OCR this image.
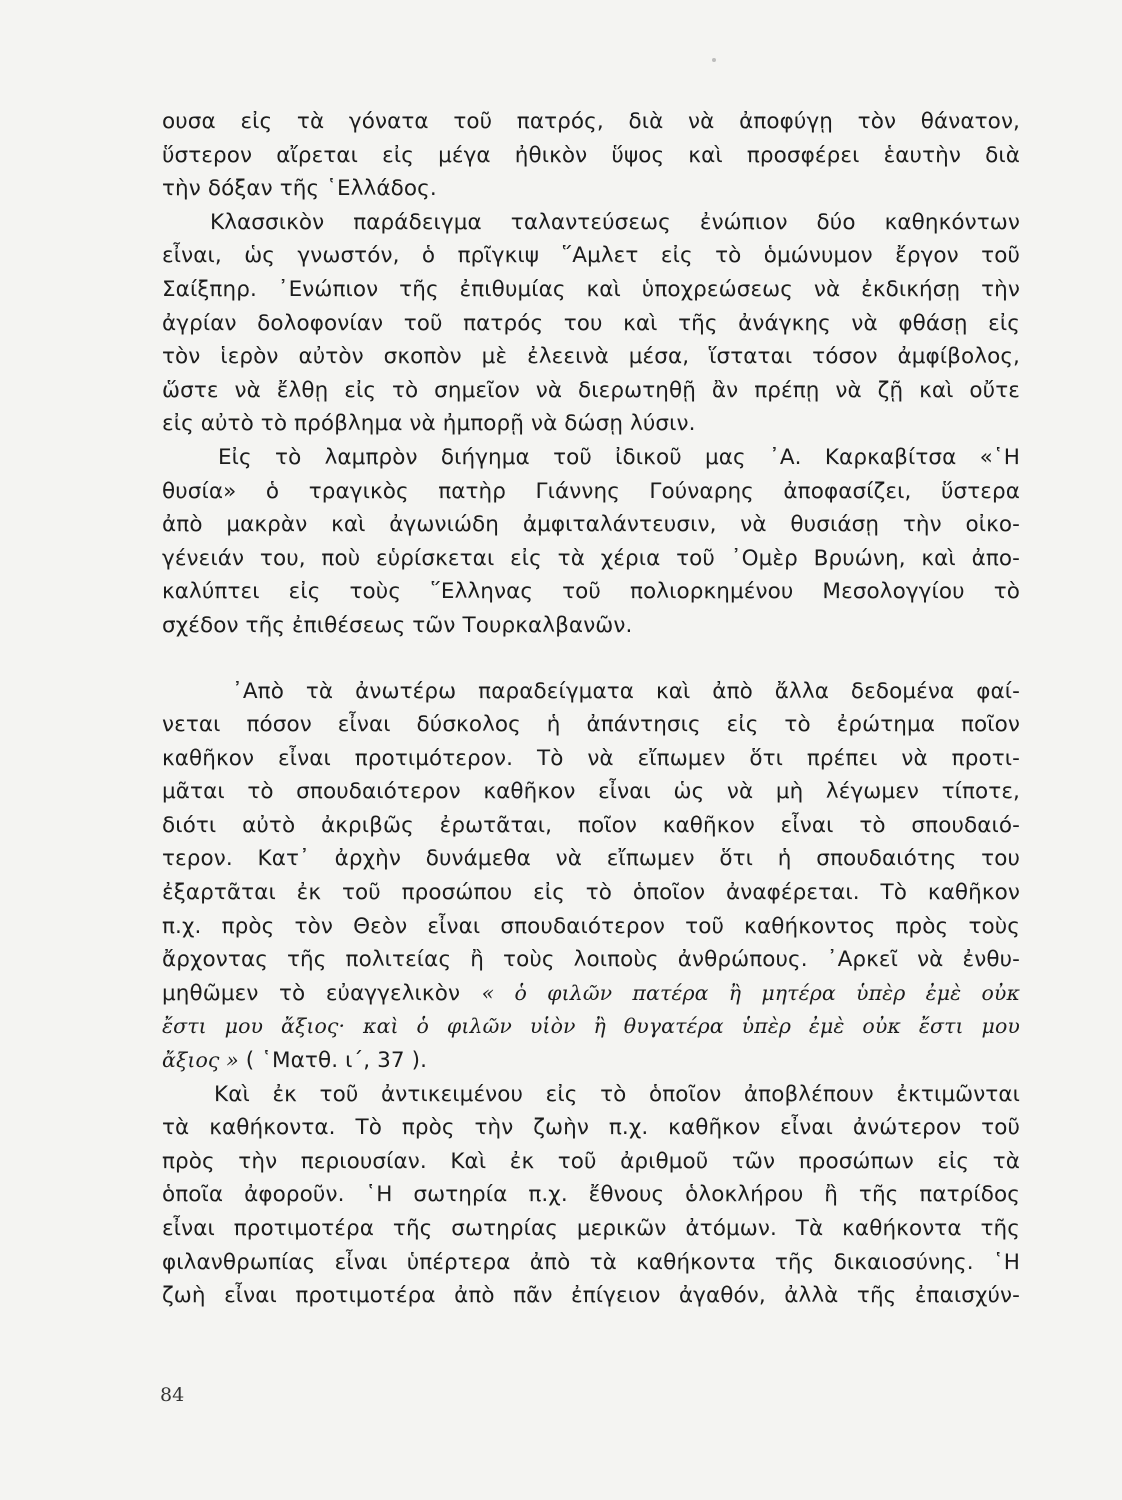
ουσα εἰς τὰ γόνατα τοῦ πατρός, διὰ νὰ ἀποφύγῃ τὸν θάνατον,
ὕστερον αἴρεται εἰς μέγα ἠθικὸν ὕψος καὶ προσφέρει ἑαυτὴν διὰ
τὴν δόξαν τῆς ῾Ελλάδος.
Κλασσικὸν παράδειγμα ταλαντεύσεως ἐνώπιον δύο καθηκόντων
εἶναι, ὡς γνωστόν, ὁ πρῖγκιψ ῞Αμλετ εἰς τὸ ὁμώνυμον ἔργον τοῦ
Σαίξπηρ. ᾿Ενώπιον τῆς ἐπιθυμίας καὶ ὑποχρεώσεως νὰ ἐκδικήσῃ τὴν
ἀγρίαν δολοφονίαν τοῦ πατρός του καὶ τῆς ἀνάγκης νὰ φθάσῃ εἰς
τὸν ἱερὸν αὐτὸν σκοπὸν μὲ ἐλεεινὰ μέσα, ἵσταται τόσον ἀμφίβολος,
ὥστε νὰ ἔλθῃ εἰς τὸ σημεῖον νὰ διερωτηθῇ ἂν πρέπῃ νὰ ζῇ καὶ οὔτε
εἰς αὐτὸ τὸ πρόβλημα νὰ ἠμπορῇ νὰ δώσῃ λύσιν.
Εἰς τὸ λαμπρὸν διήγημα τοῦ ἰδικοῦ μας ᾿Α. Καρκαβίτσα «῾Η
θυσία» ὁ τραγικὸς πατὴρ Γιάννης Γούναρης ἀποφασίζει, ὕστερα
ἀπὸ μακρὰν καὶ ἀγωνιώδη ἀμφιταλάντευσιν, νὰ θυσιάσῃ τὴν οἰκο-
γένειάν του, ποὺ εὑρίσκεται εἰς τὰ χέρια τοῦ ᾿Ομὲρ Βρυώνη, καὶ ἀπο-
καλύπτει εἰς τοὺς ῞Ελληνας τοῦ πολιορκημένου Μεσολογγίου τὸ
σχέδον τῆς ἐπιθέσεως τῶν Τουρκαλβανῶν.
᾿Απὸ τὰ ἀνωτέρω παραδείγματα καὶ ἀπὸ ἄλλα δεδομένα φαί-
νεται πόσον εἶναι δύσκολος ἡ ἀπάντησις εἰς τὸ ἐρώτημα ποῖον
καθῆκον εἶναι προτιμότερον. Τὸ νὰ εἴπωμεν ὅτι πρέπει νὰ προτι-
μᾶται τὸ σπουδαιότερον καθῆκον εἶναι ὡς νὰ μὴ λέγωμεν τίποτε,
διότι αὐτὸ ἀκριβῶς ἐρωτᾶται, ποῖον καθῆκον εἶναι τὸ σπουδαιό-
τερον. Κατ᾿ ἀρχὴν δυνάμεθα νὰ εἴπωμεν ὅτι ἡ σπουδαιότης του
ἐξαρτᾶται ἐκ τοῦ προσώπου εἰς τὸ ὁποῖον ἀναφέρεται. Τὸ καθῆκον
π.χ. πρὸς τὸν Θεὸν εἶναι σπουδαιότερον τοῦ καθήκοντος πρὸς τοὺς
ἄρχοντας τῆς πολιτείας ἢ τοὺς λοιποὺς ἀνθρώπους. ᾿Αρκεῖ νὰ ἐνθυ-
μηθῶμεν τὸ εὐαγγελικὸν  « ὁ φιλῶν πατέρα ἢ μητέρα ὑπὲρ ἐμὲ οὐκ
ἔστι μου ἄξιος· καὶ ὁ φιλῶν υἱὸν ἢ θυγατέρα ὑπὲρ ἐμὲ οὐκ ἔστι μου
ἄξιος » ( ῾Ματθ. ι΄, 37 ).
Καὶ ἐκ τοῦ ἀντικειμένου εἰς τὸ ὁποῖον ἀποβλέπουν ἐκτιμῶνται
τὰ καθήκοντα. Τὸ πρὸς τὴν ζωὴν π.χ. καθῆκον εἶναι ἀνώτερον τοῦ
πρὸς τὴν περιουσίαν. Καὶ ἐκ τοῦ ἀριθμοῦ τῶν προσώπων εἰς τὰ
ὁποῖα ἀφοροῦν. ῾Η σωτηρία π.χ. ἔθνους ὁλοκλήρου ἢ τῆς πατρίδος
εἶναι προτιμοτέρα τῆς σωτηρίας μερικῶν ἀτόμων. Τὰ καθήκοντα τῆς
φιλανθρωπίας εἶναι ὑπέρτερα ἀπὸ τὰ καθήκοντα τῆς δικαιοσύνης. ῾Η
ζωὴ εἶναι προτιμοτέρα ἀπὸ πᾶν ἐπίγειον ἀγαθόν, ἀλλὰ τῆς ἐπαισχύν-
84
